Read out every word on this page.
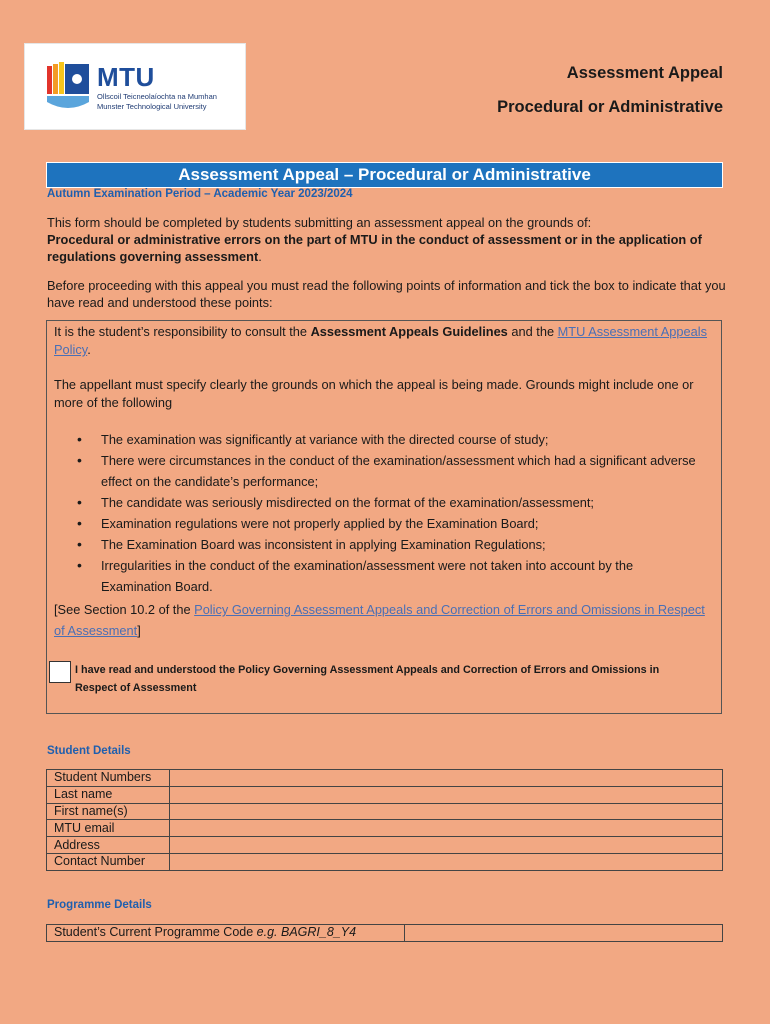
MTU
Ollscoil Teicneolaíochta na Mumhan
Munster Technological University
Assessment Appeal
Procedural or Administrative
Assessment Appeal – Procedural or Administrative
Autumn Examination Period – Academic Year 2023/2024
This form should be completed by students submitting an assessment appeal on the grounds of:
Procedural or administrative errors on the part of MTU in the conduct of assessment or in the application of regulations governing assessment.
Before proceeding with this appeal you must read the following points of information and tick the box to indicate that you have read and understood these points:
It is the student’s responsibility to consult the Assessment Appeals Guidelines and the MTU Assessment Appeals Policy.
The appellant must specify clearly the grounds on which the appeal is being made. Grounds might include one or more of the following
• The examination was significantly at variance with the directed course of study;
• There were circumstances in the conduct of the examination/assessment which had a significant adverse effect on the candidate’s performance;
• The candidate was seriously misdirected on the format of the examination/assessment;
• Examination regulations were not properly applied by the Examination Board;
• The Examination Board was inconsistent in applying Examination Regulations;
• Irregularities in the conduct of the examination/assessment were not taken into account by the Examination Board.
[See Section 10.2 of the Policy Governing Assessment Appeals and Correction of Errors and Omissions in Respect of Assessment]
I have read and understood the Policy Governing Assessment Appeals and Correction of Errors and Omissions in Respect of Assessment
Student Details
Student Numbers	
Last name	
First name(s)	
MTU email	
Address	
Contact Number	
Programme Details
Student’s Current Programme Code e.g. BAGRI_8_Y4	
